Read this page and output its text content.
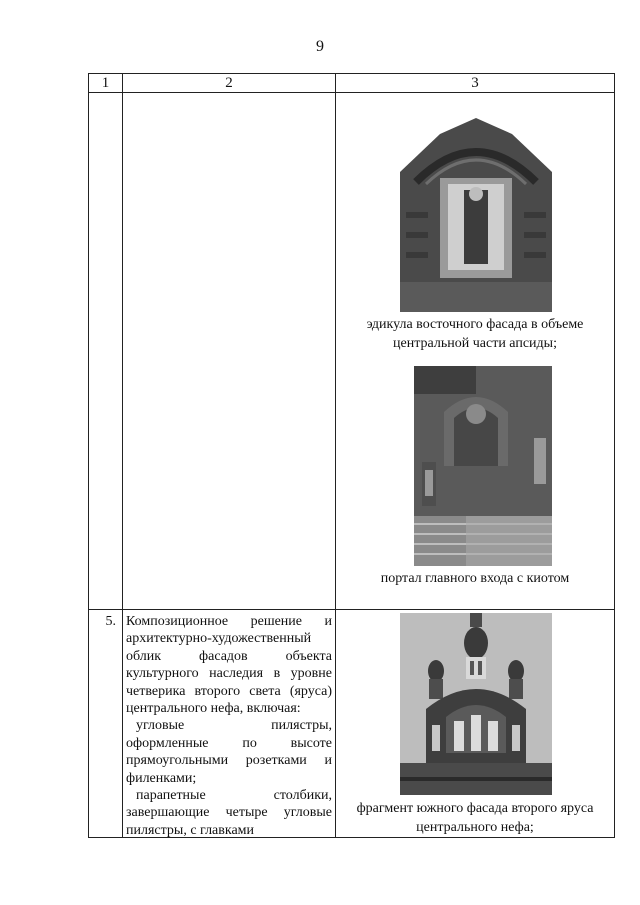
9
1	2	3
эдикула восточного фасада в объеме
центральной части апсиды;
портал главного входа с киотом
5. Композиционное решение и архитектурно-художественный облик фасадов объекта культурного наследия в уровне четверика второго света (яруса) центрального нефа, включая:

угловые пилястры, оформленные по высоте прямоугольными розетками и филенками;

парапетные столбики, завершающие четыре угловые пилястры, с главками

фрагмент южного фасада второго яруса
центрального нефа;
